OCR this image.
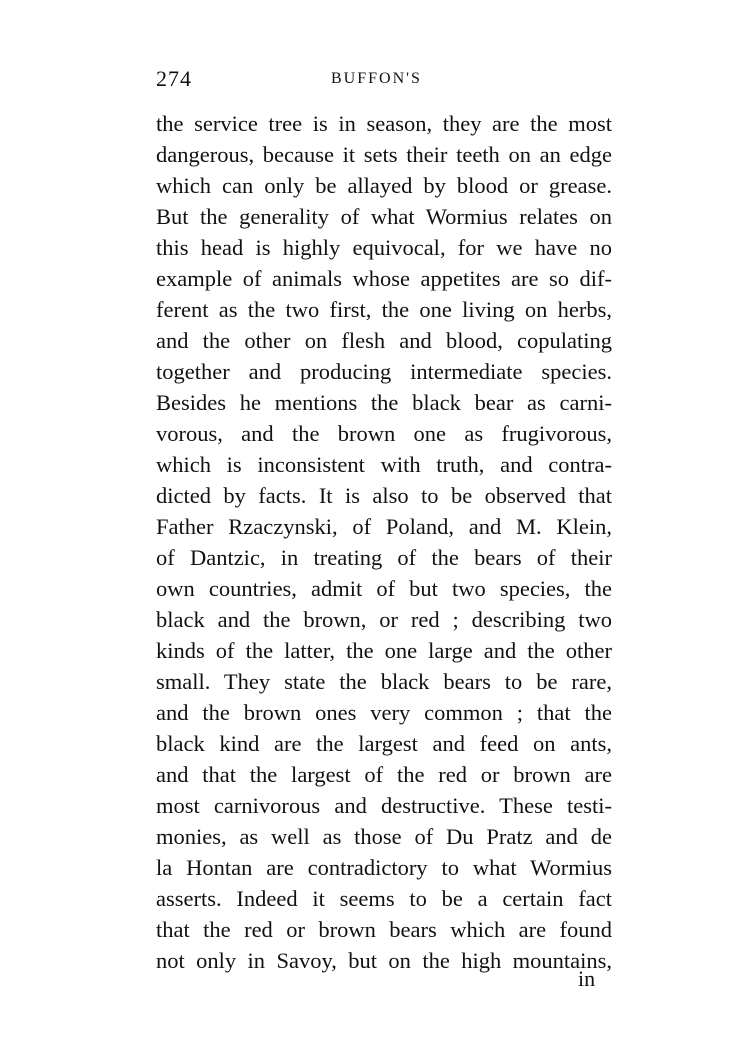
274	BUFFON'S
the service tree is in season, they are the most
dangerous, because it sets their teeth on an edge
which can only be allayed by blood or grease.
But the generality of what Wormius relates on
this head is highly equivocal, for we have no
example of animals whose appetites are so dif-
ferent as the two first, the one living on herbs,
and the other on flesh and blood, copulating
together and producing intermediate species.
Besides he mentions the black bear as carni-
vorous, and the brown one as frugivorous,
which is inconsistent with truth, and contra-
dicted by facts. It is also to be observed that
Father Rzaczynski, of Poland, and M. Klein,
of Dantzic, in treating of the bears of their
own countries, admit of but two species, the
black and the brown, or red ; describing two
kinds of the latter, the one large and the other
small. They state the black bears to be rare,
and the brown ones very common ; that the
black kind are the largest and feed on ants,
and that the largest of the red or brown are
most carnivorous and destructive. These testi-
monies, as well as those of Du Pratz and de
la Hontan are contradictory to what Wormius
asserts. Indeed it seems to be a certain fact
that the red or brown bears which are found
not only in Savoy, but on the high mountains,
in
